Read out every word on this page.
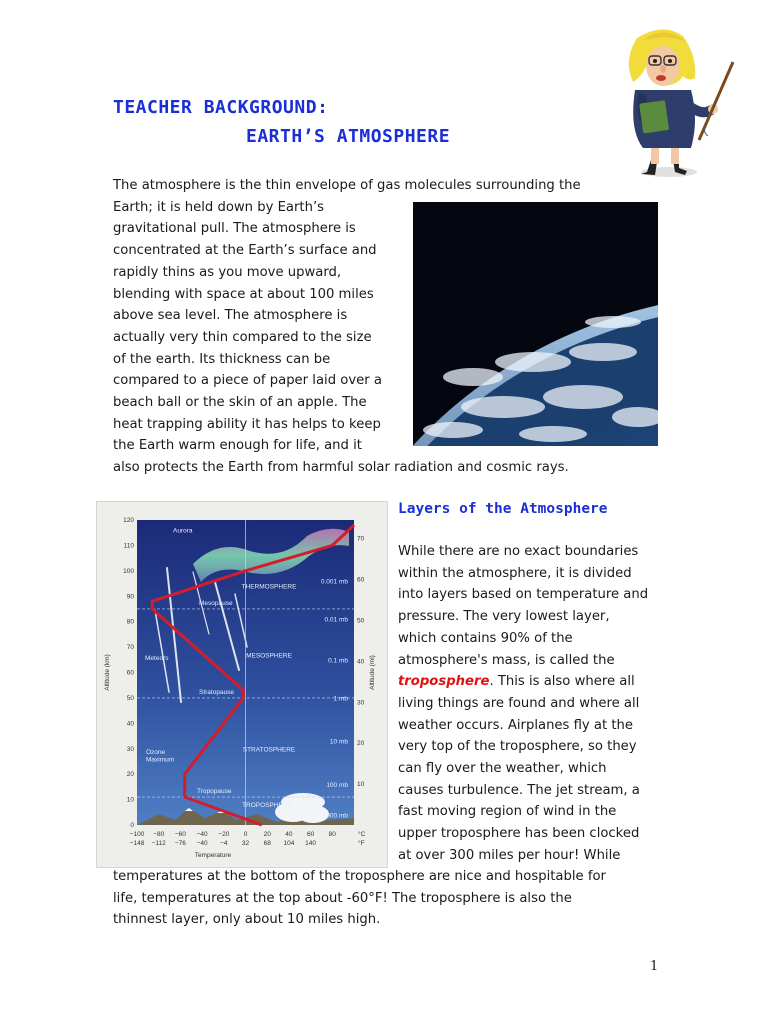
TEACHER BACKGROUND:
EARTH’S ATMOSPHERE
The atmosphere is the thin envelope of gas molecules surrounding the
Earth; it is held down by Earth’s
gravitational pull. The atmosphere is
concentrated at the Earth’s surface and
rapidly thins as you move upward,
blending with space at about 100 miles
above sea level. The atmosphere is
actually very thin compared to the size
of the earth. Its thickness can be
compared to a piece of paper laid over a
beach ball or the skin of an apple. The
heat trapping ability it has helps to keep
the Earth warm enough for life, and it
also protects the Earth from harmful solar radiation and cosmic rays.
Layers of the Atmosphere
0
10
20
30
40
50
60
70
80
90
100
110
120
10
20
30
40
50
60
70
−100 −80 −60 −40 −20 0	20 40 60 80	°C
−148 −112 −76 −40 −4 32 68 104 140	°F
Temperature
Altitude (km)	Altitude (mi)
THERMOSPHERE
MESOSPHERE
STRATOSPHERE
TROPOSPHERE
Mesopause
Stratopause
Tropopause
Aurora
Meteors
Ozone
Maximum
0.001 mb
0.01 mb
0.1 mb
1 mb
10 mb
100 mb
1000 mb
While there are no exact boundaries
within the atmosphere, it is divided
into layers based on temperature and
pressure. The very lowest layer,
which contains 90% of the
atmosphere's mass, is called the
troposphere. This is also where all
living things are found and where all
weather occurs. Airplanes fly at the
very top of the troposphere, so they
can fly over the weather, which
causes turbulence. The jet stream, a
fast moving region of wind in the
upper troposphere has been clocked
at over 300 miles per hour! While
temperatures at the bottom of the troposphere are nice and hospitable for
life, temperatures at the top about -60°F! The troposphere is also the
thinnest layer, only about 10 miles high.
1
